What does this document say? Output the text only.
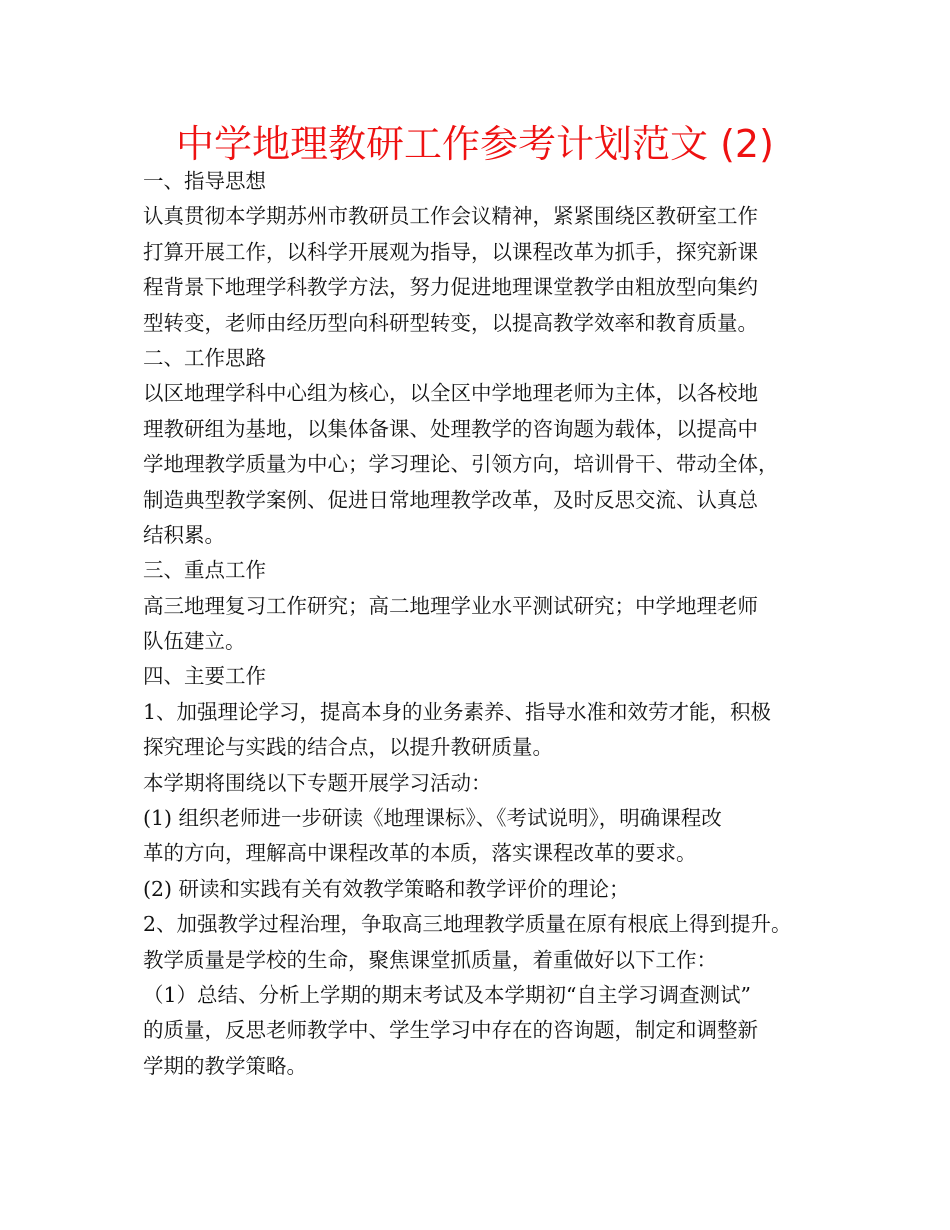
中学地理教研工作参考计划范文 (2)
一、指导思想
认真贯彻本学期苏州市教研员工作会议精神，紧紧围绕区教研室工作
打算开展工作，以科学开展观为指导，以课程改革为抓手，探究新课
程背景下地理学科教学方法，努力促进地理课堂教学由粗放型向集约
型转变，老师由经历型向科研型转变，以提高教学效率和教育质量。
二、工作思路
以区地理学科中心组为核心，以全区中学地理老师为主体，以各校地
理教研组为基地，以集体备课、处理教学的咨询题为载体，以提高中
学地理教学质量为中心；学习理论、引领方向，培训骨干、带动全体，
制造典型教学案例、促进日常地理教学改革，及时反思交流、认真总
结积累。
三、重点工作
高三地理复习工作研究；高二地理学业水平测试研究；中学地理老师
队伍建立。
四、主要工作
1、加强理论学习，提高本身的业务素养、指导水准和效劳才能，积极
探究理论与实践的结合点，以提升教研质量。
本学期将围绕以下专题开展学习活动：
(1) 组织老师进一步研读《地理课标》、《考试说明》，明确课程改
革的方向，理解高中课程改革的本质，落实课程改革的要求。
(2) 研读和实践有关有效教学策略和教学评价的理论；
2、加强教学过程治理，争取高三地理教学质量在原有根底上得到提升。
教学质量是学校的生命，聚焦课堂抓质量，着重做好以下工作：
（1）总结、分析上学期的期末考试及本学期初“自主学习调查测试”
的质量，反思老师教学中、学生学习中存在的咨询题，制定和调整新
学期的教学策略。
